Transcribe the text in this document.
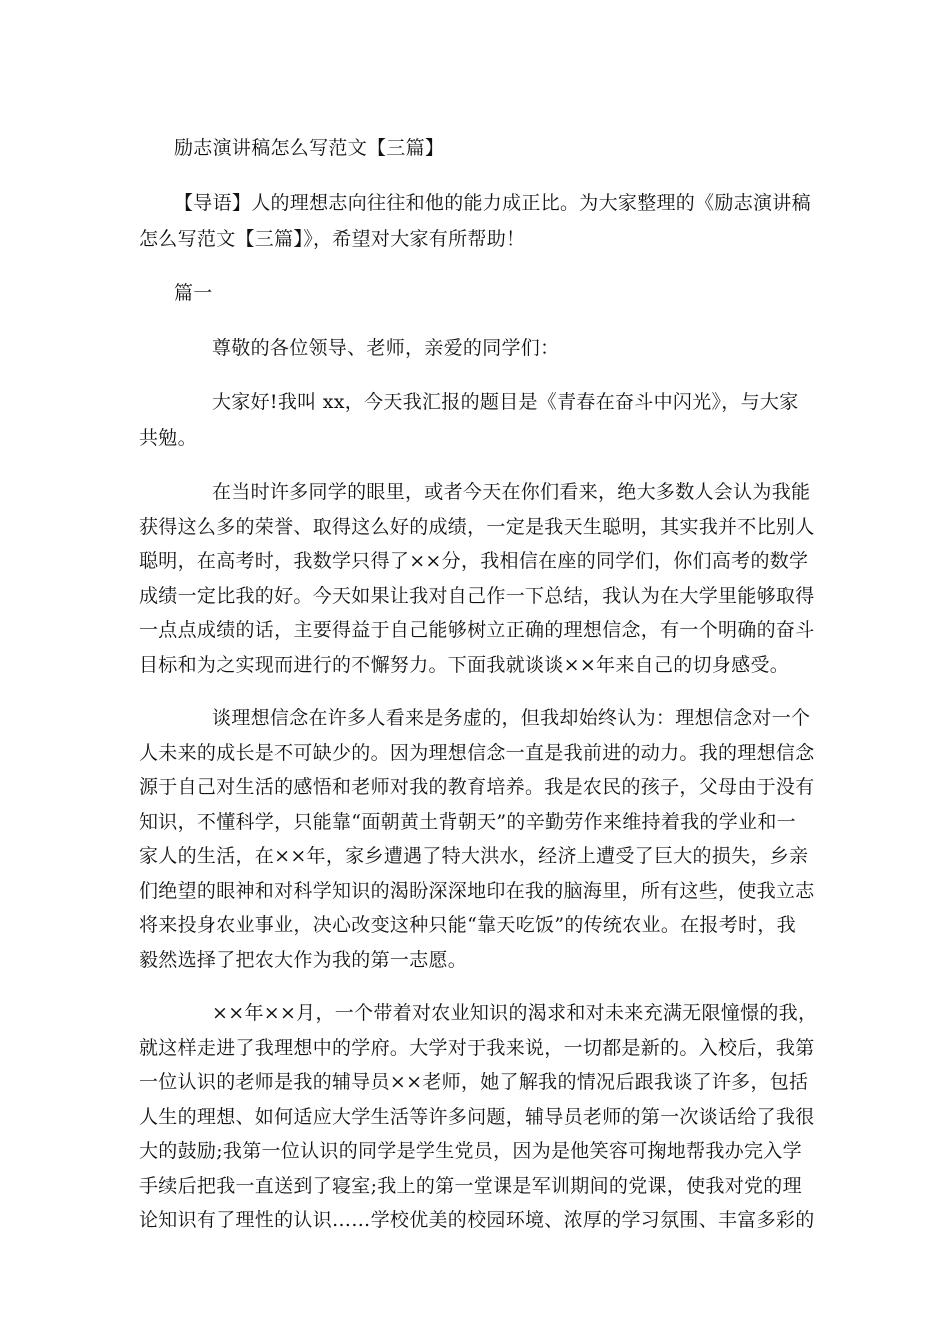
励志演讲稿怎么写范文【三篇】
【导语】人的理想志向往往和他的能力成正比。为大家整理的《励志演讲稿
怎么写范文【三篇】》，希望对大家有所帮助！
篇一
尊敬的各位领导、老师，亲爱的同学们：
大家好!我叫 xx，今天我汇报的题目是《青春在奋斗中闪光》，与大家
共勉。
在当时许多同学的眼里，或者今天在你们看来，绝大多数人会认为我能
获得这么多的荣誉、取得这么好的成绩，一定是我天生聪明，其实我并不比别人
聪明，在高考时，我数学只得了××分，我相信在座的同学们，你们高考的数学
成绩一定比我的好。今天如果让我对自己作一下总结，我认为在大学里能够取得
一点点成绩的话，主要得益于自己能够树立正确的理想信念，有一个明确的奋斗
目标和为之实现而进行的不懈努力。下面我就谈谈××年来自己的切身感受。
谈理想信念在许多人看来是务虚的，但我却始终认为：理想信念对一个
人未来的成长是不可缺少的。因为理想信念一直是我前进的动力。我的理想信念
源于自己对生活的感悟和老师对我的教育培养。我是农民的孩子，父母由于没有
知识，不懂科学，只能靠“面朝黄土背朝天”的辛勤劳作来维持着我的学业和一
家人的生活，在××年，家乡遭遇了特大洪水，经济上遭受了巨大的损失，乡亲
们绝望的眼神和对科学知识的渴盼深深地印在我的脑海里，所有这些，使我立志
将来投身农业事业，决心改变这种只能“靠天吃饭”的传统农业。在报考时，我
毅然选择了把农大作为我的第一志愿。
××年××月，一个带着对农业知识的渴求和对未来充满无限憧憬的我，
就这样走进了我理想中的学府。大学对于我来说，一切都是新的。入校后，我第
一位认识的老师是我的辅导员××老师，她了解我的情况后跟我谈了许多，包括
人生的理想、如何适应大学生活等许多问题，辅导员老师的第一次谈话给了我很
大的鼓励;我第一位认识的同学是学生党员，因为是他笑容可掬地帮我办完入学
手续后把我一直送到了寝室;我上的第一堂课是军训期间的党课，使我对党的理
论知识有了理性的认识……学校优美的校园环境、浓厚的学习氛围、丰富多彩的
